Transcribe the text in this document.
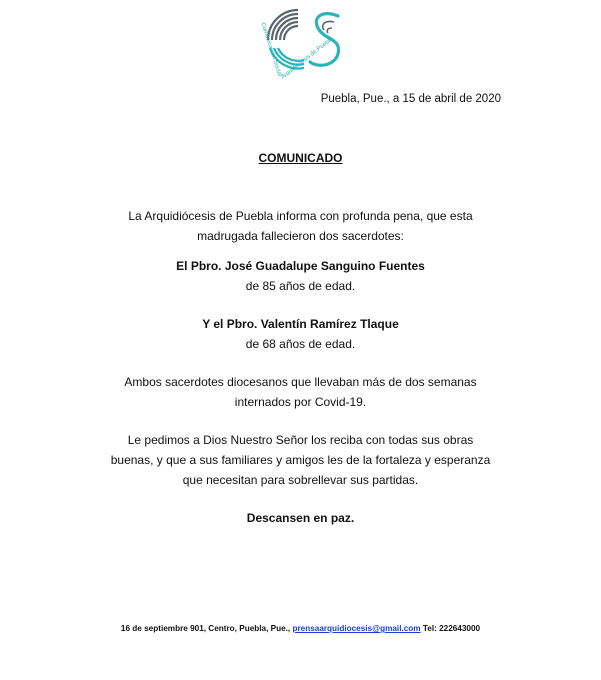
Comunicación Social
Arquidiócesis de Puebla
Puebla, Pue., a 15 de abril de 2020
COMUNICADO
La Arquidiócesis de Puebla informa con profunda pena, que esta
madrugada fallecieron dos sacerdotes:
El Pbro. José Guadalupe Sanguino Fuentes
de 85 años de edad.
Y el Pbro. Valentín Ramírez Tlaque
de 68 años de edad.
Ambos sacerdotes diocesanos que llevaban más de dos semanas
internados por Covid-19.
Le pedimos a Dios Nuestro Señor los reciba con todas sus obras
buenas, y que a sus familiares y amigos les de la fortaleza y esperanza
que necesitan para sobrellevar sus partidas.
Descansen en paz.
16 de septiembre 901, Centro, Puebla, Pue., prensaarquidiocesis@gmail.com Tel: 222643000
